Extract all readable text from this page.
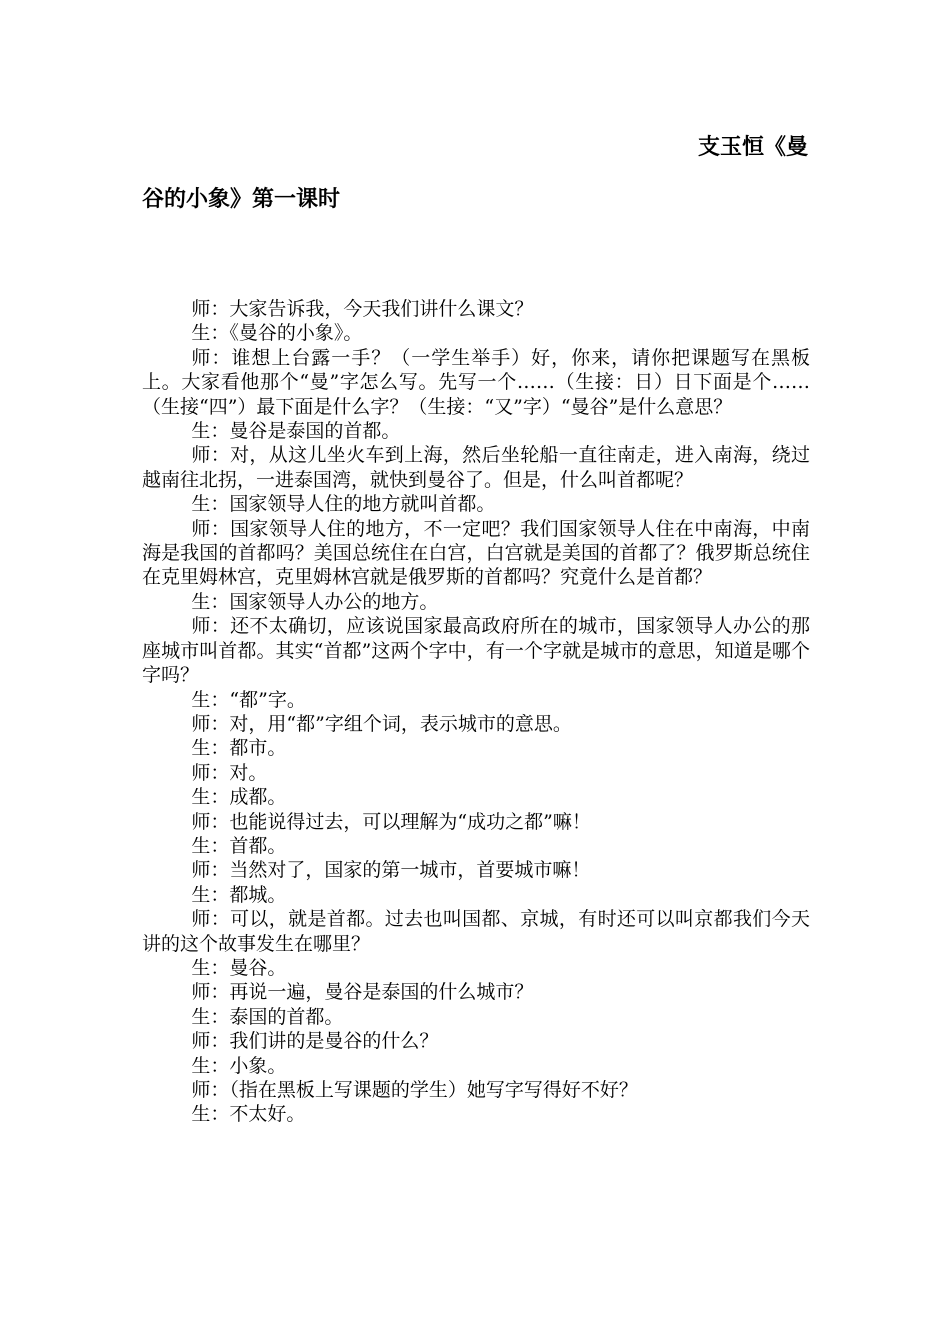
支玉恒《曼
谷的小象》第一课时

师：大家告诉我，今天我们讲什么课文？

生：《曼谷的小象》。

师：谁想上台露一手？（一学生举手）好，你来，请你把课题写在黑板上。大家看他那个“曼”字怎么写。先写一个……（生接：日）日下面是个……（生接“四”）最下面是什么字？（生接：“又”字）“曼谷”是什么意思？

生：曼谷是泰国的首都。

师：对，从这儿坐火车到上海，然后坐轮船一直往南走，进入南海，绕过越南往北拐，一进泰国湾，就快到曼谷了。但是，什么叫首都呢？

生：国家领导人住的地方就叫首都。

师：国家领导人住的地方，不一定吧？我们国家领导人住在中南海，中南海是我国的首都吗？美国总统住在白宫，白宫就是美国的首都了？俄罗斯总统住在克里姆林宫，克里姆林宫就是俄罗斯的首都吗？究竟什么是首都？

生：国家领导人办公的地方。

师：还不太确切，应该说国家最高政府所在的城市，国家领导人办公的那座城市叫首都。其实“首都”这两个字中，有一个字就是城市的意思，知道是哪个字吗？

生：“都”字。

师：对，用“都”字组个词，表示城市的意思。

生：都市。

师：对。

生：成都。

师：也能说得过去，可以理解为“成功之都”嘛！

生：首都。

师：当然对了，国家的第一城市，首要城市嘛！

生：都城。

师：可以，就是首都。过去也叫国都、京城，有时还可以叫京都我们今天讲的这个故事发生在哪里？

生：曼谷。

师：再说一遍，曼谷是泰国的什么城市？

生：泰国的首都。

师：我们讲的是曼谷的什么？

生：小象。

师：（指在黑板上写课题的学生）她写字写得好不好？

生：不太好。
